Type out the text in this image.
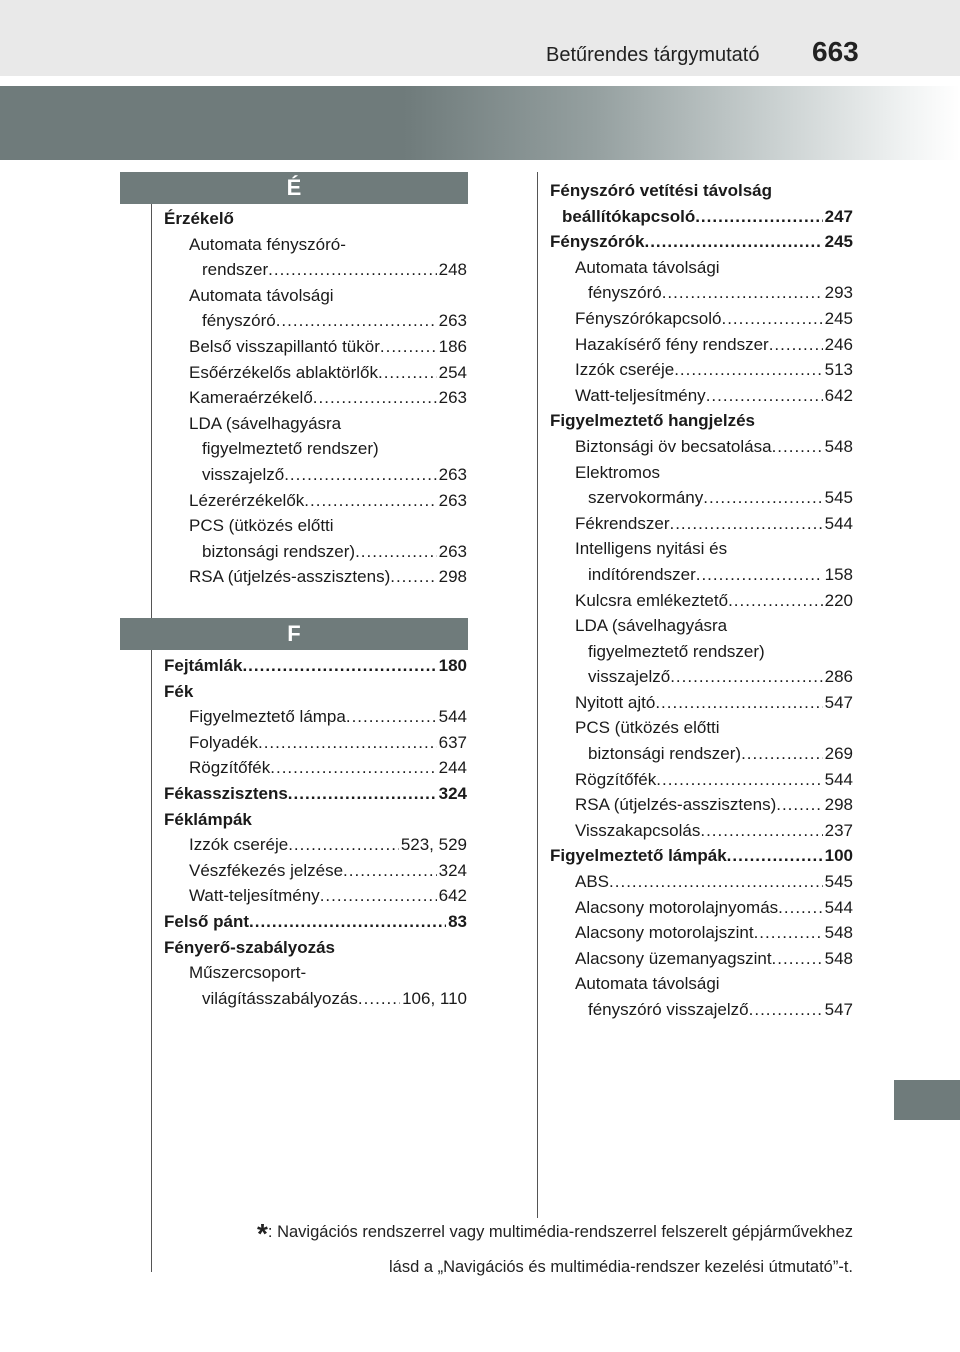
Betűrendes tárgymutató 663
É
Érzékelő
Automata fényszóró-
rendszer .....	248
Automata távolsági
fényszóró .....	263
Belső visszapillantó tükör .....	186
Esőérzékelős ablaktörlők .....	254
Kameraérzékelő .....	263
LDA (sávelhagyásra
figyelmeztető rendszer)
visszajelző .....	263
Lézerérzékelők .....	263
PCS (ütközés előtti
biztonsági rendszer) .....	263
RSA (útjelzés-asszisztens) .....	298
F
Fejtámlák .....	180
Fék
Figyelmeztető lámpa .....	544
Folyadék .....	637
Rögzítőfék .....	244
Fékasszisztens .....	324
Féklámpák
Izzók cseréje .....	523, 529
Vészfékezés jelzése .....	324
Watt-teljesítmény .....	642
Felső pánt .....	83
Fényerő-szabályozás
Műszercsoport-
világításszabályozás .....	106, 110
Fényszóró vetítési távolság
beállítókapcsoló .....	247
Fényszórók .....	245
Automata távolsági
fényszóró .....	293
Fényszórókapcsoló .....	245
Hazakísérő fény rendszer .....	246
Izzók cseréje .....	513
Watt-teljesítmény .....	642
Figyelmeztető hangjelzés
Biztonsági öv becsatolása .....	548
Elektromos
szervokormány .....	545
Fékrendszer .....	544
Intelligens nyitási és
indítórendszer .....	158
Kulcsra emlékeztető .....	220
LDA (sávelhagyásra
figyelmeztető rendszer)
visszajelző .....	286
Nyitott ajtó .....	547
PCS (ütközés előtti
biztonsági rendszer) .....	269
Rögzítőfék .....	544
RSA (útjelzés-asszisztens) .....	298
Visszakapcsolás .....	237
Figyelmeztető lámpák .....	100
ABS .....	545
Alacsony motorolajnyomás .....	544
Alacsony motorolajszint .....	548
Alacsony üzemanyagszint .....	548
Automata távolsági
fényszóró visszajelző .....	547
*: Navigációs rendszerrel vagy multimédia-rendszerrel felszerelt gépjárművekhez
lásd a „Navigációs és multimédia-rendszer kezelési útmutató”-t.
